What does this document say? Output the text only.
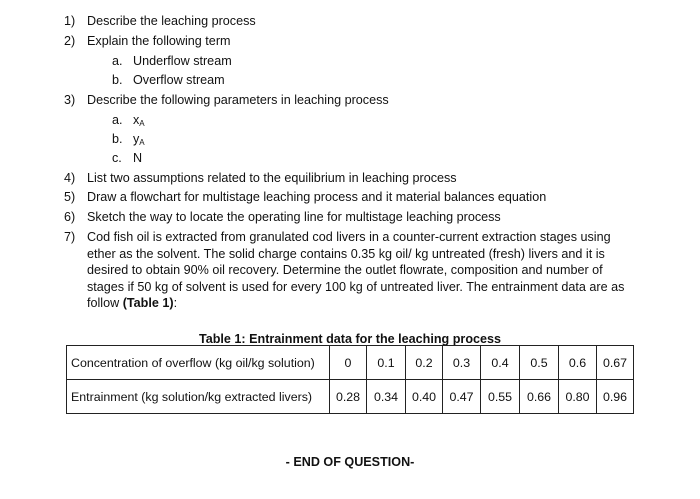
1) Describe the leaching process
2) Explain the following term
a. Underflow stream
b. Overflow stream
3) Describe the following parameters in leaching process
a. $x_A$
b. $y_A$
c. N
4) List two assumptions related to the equilibrium in leaching process
5) Draw a flowchart for multistage leaching process and it material balances equation
6) Sketch the way to locate the operating line for multistage leaching process
7) Cod fish oil is extracted from granulated cod livers in a counter-current extraction stages using ether as the solvent. The solid charge contains 0.35 kg oil/ kg untreated (fresh) livers and it is desired to obtain 90% oil recovery. Determine the outlet flowrate, composition and number of stages if 50 kg of solvent is used for every 100 kg of untreated liver. The entrainment data are as follow (Table 1):
Table 1: Entrainment data for the leaching process
Concentration of overflow (kg oil/kg solution)	0	0.1	0.2	0.3	0.4	0.5	0.6	0.67
Entrainment (kg solution/kg extracted livers)	0.28	0.34	0.40	0.47	0.55	0.66	0.80	0.96
- END OF QUESTION-
